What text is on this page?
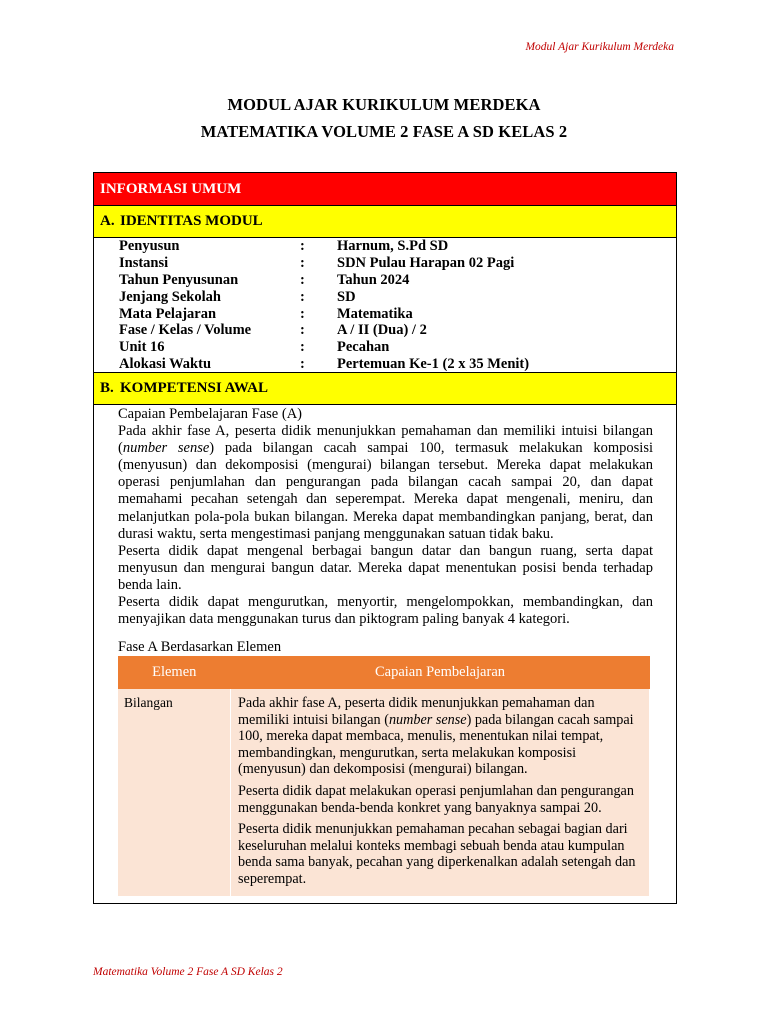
Modul Ajar Kurikulum Merdeka
MODUL AJAR KURIKULUM MERDEKA
MATEMATIKA VOLUME 2 FASE A SD KELAS 2
INFORMASI UMUM
A. IDENTITAS MODUL
Penyusun	:	Harnum, S.Pd SD
Instansi	:	SDN Pulau Harapan 02 Pagi
Tahun Penyusunan	:	Tahun 2024
Jenjang Sekolah	:	SD
Mata Pelajaran	:	Matematika
Fase / Kelas / Volume	:	A / II (Dua) / 2
Unit 16	:	Pecahan
Alokasi Waktu	:	Pertemuan Ke-1 (2 x 35 Menit)
B. KOMPETENSI AWAL
Capaian Pembelajaran Fase (A)
Pada akhir fase A, peserta didik menunjukkan pemahaman dan memiliki intuisi bilangan (number sense) pada bilangan cacah sampai 100, termasuk melakukan komposisi (menyusun) dan dekomposisi (mengurai) bilangan tersebut. Mereka dapat melakukan operasi penjumlahan dan pengurangan pada bilangan cacah sampai 20, dan dapat memahami pecahan setengah dan seperempat. Mereka dapat mengenali, meniru, dan melanjutkan pola-pola bukan bilangan. Mereka dapat membandingkan panjang, berat, dan durasi waktu, serta mengestimasi panjang menggunakan satuan tidak baku.
Peserta didik dapat mengenal berbagai bangun datar dan bangun ruang, serta dapat menyusun dan mengurai bangun datar. Mereka dapat menentukan posisi benda terhadap benda lain.
Peserta didik dapat mengurutkan, menyortir, mengelompokkan, membandingkan, dan menyajikan data menggunakan turus dan piktogram paling banyak 4 kategori.
Fase A Berdasarkan Elemen
Elemen	Capaian Pembelajaran
Bilangan	Pada akhir fase A, peserta didik menunjukkan pemahaman dan memiliki intuisi bilangan (number sense) pada bilangan cacah sampai 100, mereka dapat membaca, menulis, menentukan nilai tempat, membandingkan, mengurutkan, serta melakukan komposisi (menyusun) dan dekomposisi (mengurai) bilangan.
Peserta didik dapat melakukan operasi penjumlahan dan pengurangan menggunakan benda-benda konkret yang banyaknya sampai 20.
Peserta didik menunjukkan pemahaman pecahan sebagai bagian dari keseluruhan melalui konteks membagi sebuah benda atau kumpulan benda sama banyak, pecahan yang diperkenalkan adalah setengah dan seperempat.
Matematika Volume 2 Fase A SD Kelas 2
